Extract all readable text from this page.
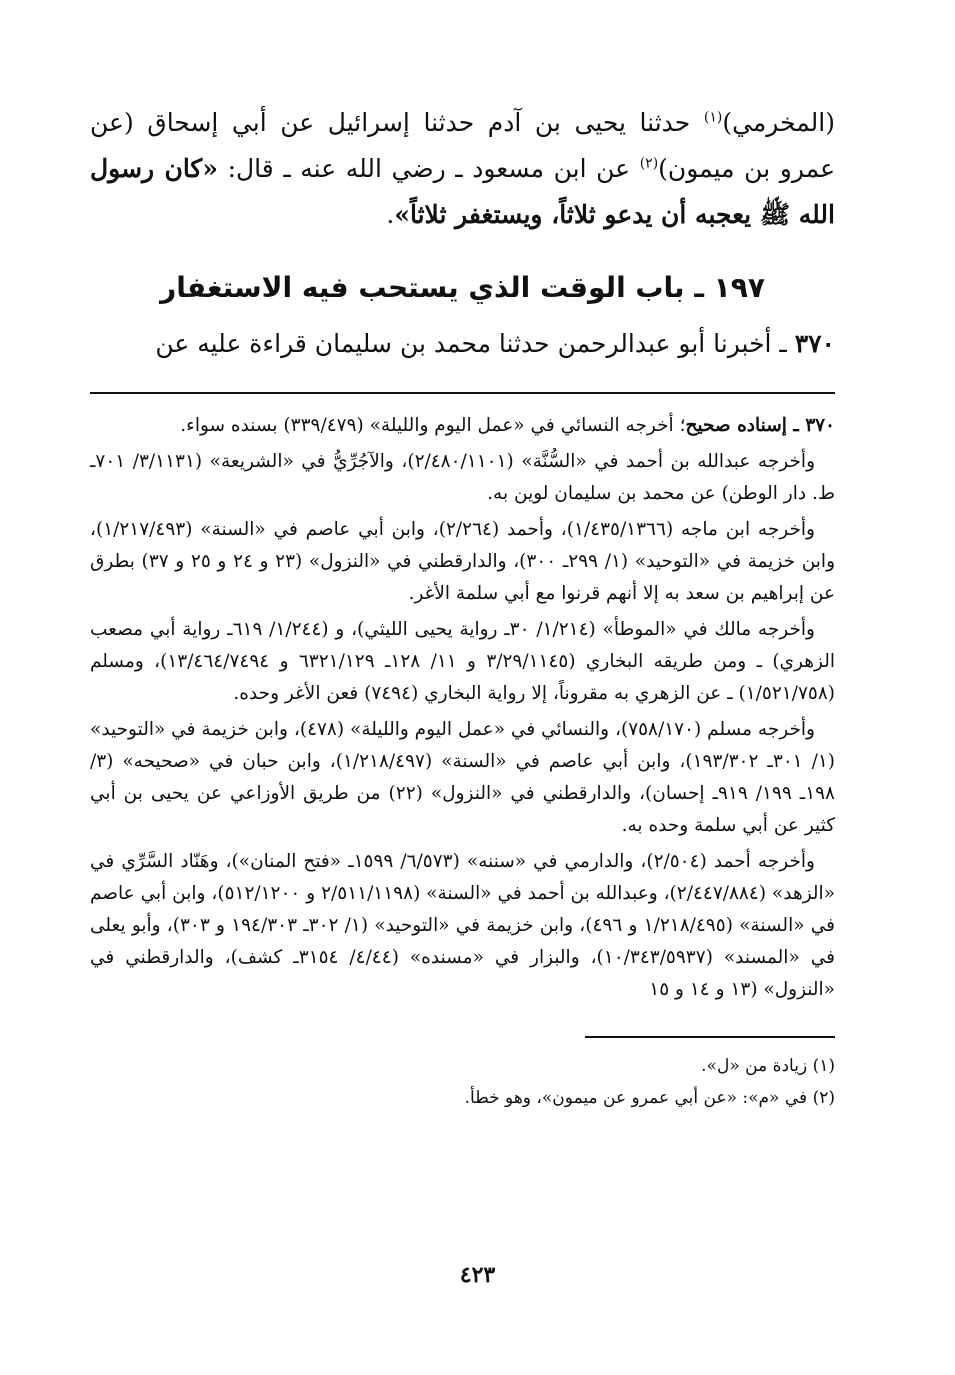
(المخرمي)$^{(١)}$ حدثنا يحيى بن آدم حدثنا إسرائيل عن أبي إسحاق (عن عمرو بن ميمون)$^{(٢)}$ عن ابن مسعود ـ رضي الله عنه ـ قال: «كان رسول الله ﷺ يعجبه أن يدعو ثلاثاً، ويستغفر ثلاثاً».

١٩٧ ـ باب الوقت الذي يستحب فيه الاستغفار

٣٧٠ ـ أخبرنا أبو عبدالرحمن حدثنا محمد بن سليمان قراءة عليه عن

٣٧٠ ـ إسناده صحيح؛ أخرجه النسائي في «عمل اليوم والليلة» (٣٣٩/٤٧٩) بسنده سواء.

وأخرجه عبدالله بن أحمد في «السُّنَّة» (٢/٤٨٠/١١٠١)، والآجُرِّيُّ في «الشريعة» (٣/١١٣١/ ٧٠١ـ ط. دار الوطن) عن محمد بن سليمان لوين به.

وأخرجه ابن ماجه (١/٤٣٥/١٣٦٦)، وأحمد (٢/٢٦٤)، وابن أبي عاصم في «السنة» (١/٢١٧/٤٩٣)، وابن خزيمة في «التوحيد» (١/ ٢٩٩ـ ٣٠٠)، والدارقطني في «النزول» (٢٣ و ٢٤ و ٢٥ و ٣٧) بطرق عن إبراهيم بن سعد به إلا أنهم قرنوا مع أبي سلمة الأغر.

وأخرجه مالك في «الموطأ» (١/٢١٤/ ٣٠ـ رواية يحيى الليثي)، و (١/٢٤٤/ ٦١٩ـ رواية أبي مصعب الزهري) ـ ومن طريقه البخاري (٣/٢٩/١١٤٥ و ١١/ ١٢٨ـ ٦٣٢١/١٢٩ و ١٣/٤٦٤/٧٤٩٤)، ومسلم (١/٥٢١/٧٥٨) ـ عن الزهري به مقروناً، إلا رواية البخاري (٧٤٩٤) فعن الأغر وحده.

وأخرجه مسلم (٧٥٨/١٧٠)، والنسائي في «عمل اليوم والليلة» (٤٧٨)، وابن خزيمة في «التوحيد» (١/ ٣٠١ـ ١٩٣/٣٠٢)، وابن أبي عاصم في «السنة» (١/٢١٨/٤٩٧)، وابن حبان في «صحيحه» (٣/ ١٩٨ـ ١٩٩/ ٩١٩ـ إحسان)، والدارقطني في «النزول» (٢٢) من طريق الأوزاعي عن يحيى بن أبي كثير عن أبي سلمة وحده به.

وأخرجه أحمد (٢/٥٠٤)، والدارمي في «سننه» (٦/٥٧٣/ ١٥٩٩ـ «فتح المنان»)، وهَنّاد السَّرِّي في «الزهد» (٢/٤٤٧/٨٨٤)، وعبدالله بن أحمد في «السنة» (٢/٥١١/١١٩٨ و ٥١٢/١٢٠٠)، وابن أبي عاصم في «السنة» (١/٢١٨/٤٩٥ و ٤٩٦)، وابن خزيمة في «التوحيد» (١/ ٣٠٢ـ ١٩٤/٣٠٣ و ٣٠٣)، وأبو يعلى في «المسند» (١٠/٣٤٣/٥٩٣٧)، والبزار في «مسنده» (٤/٤٤/ ٣١٥٤ـ كشف)، والدارقطني في «النزول» (١٣ و ١٤ و ١٥

(١) زيادة من «ل».
(٢) في «م»: «عن أبي عمرو عن ميمون»، وهو خطأ.
٤٢٣
